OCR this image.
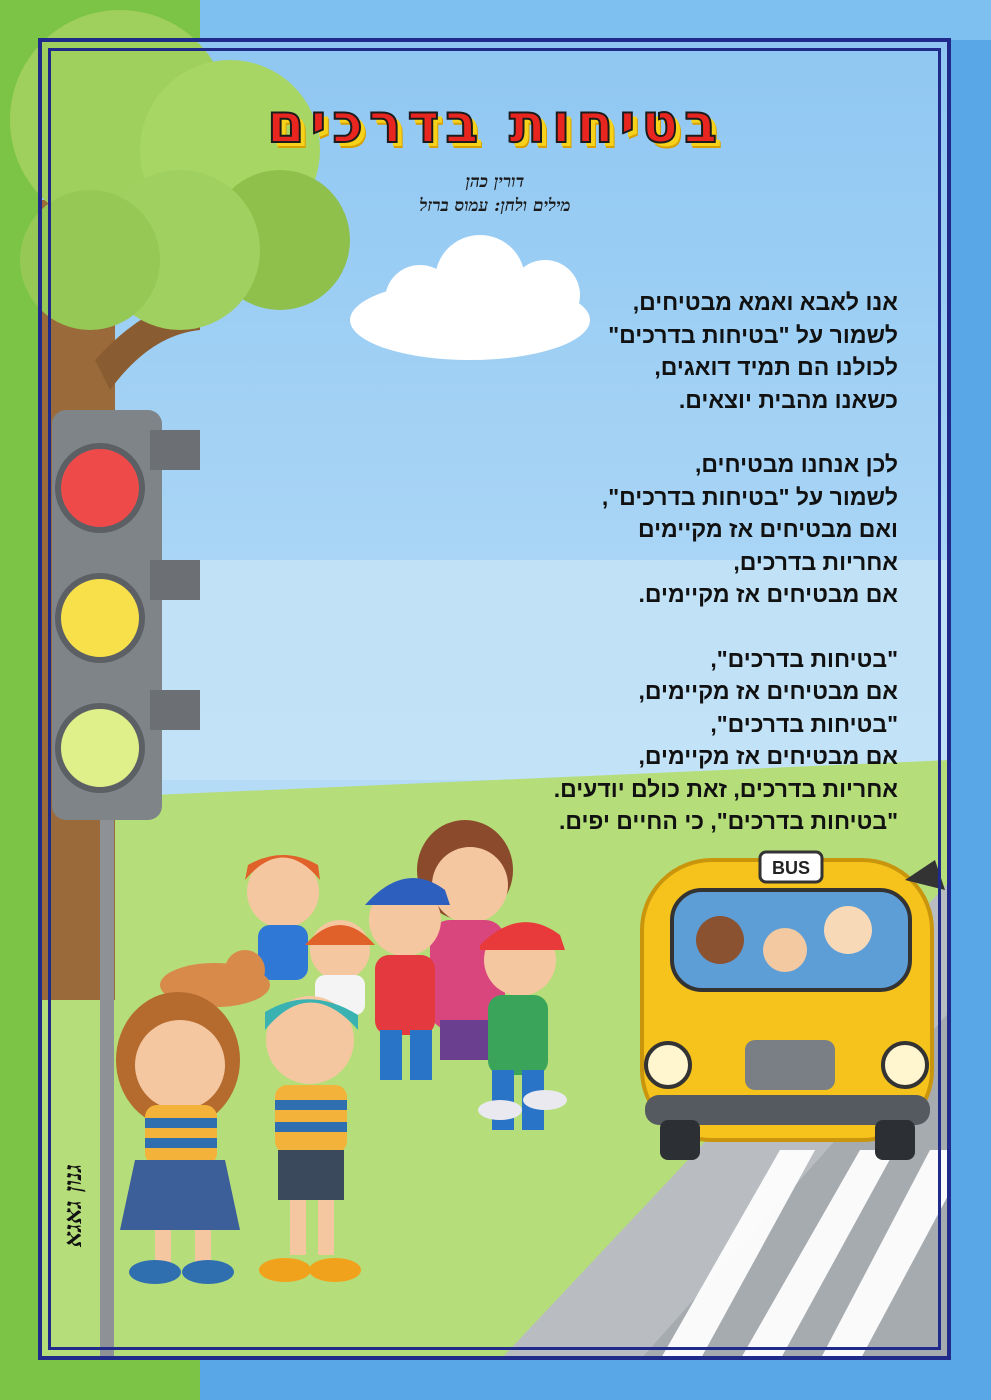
בטיחות בדרכים
דורין כהן
מילים ולחן: עמוס ברזל
אנו לאבא ואמא מבטיחים,
לשמור על "בטיחות בדרכים"
לכולנו הם תמיד דואגים,
כשאנו מהבית יוצאים.
לכן אנחנו מבטיחים,
לשמור על "בטיחות בדרכים",
ואם מבטיחים אז מקיימים
אחריות בדרכים,
אם מבטיחים אז מקיימים.
"בטיחות בדרכים",
אם מבטיחים אז מקיימים,
"בטיחות בדרכים",
אם מבטיחים אז מקיימים,
אחריות בדרכים, זאת כולם יודעים.
"בטיחות בדרכים", כי החיים יפים.
גנון גאגא
BUS
